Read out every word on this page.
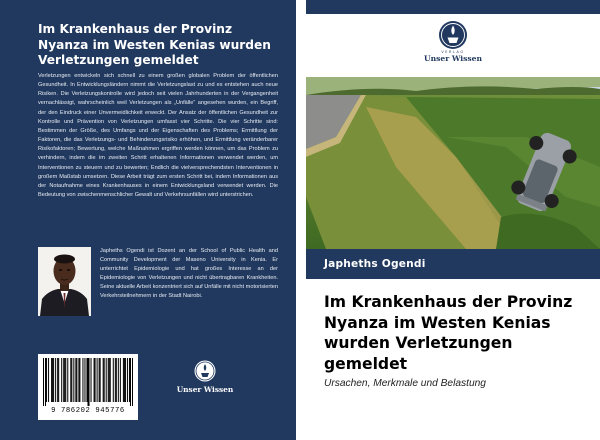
Im Krankenhaus der Provinz Nyanza im Westen Kenias wurden Verletzungen gemeldet
Verletzungen entwickeln sich schnell zu einem großen globalen Problem der öffentlichen Gesundheit. In Entwicklungsländern nimmt die Verletzungslast zu und es entstehen auch neue Risiken. Die Verletzungskontrolle wird jedoch seit vielen Jahrhunderten in der Vergangenheit vernachlässigt, wahrscheinlich weil Verletzungen als „Unfälle“ angesehen wurden, ein Begriff, der den Eindruck einer Unvermeidlichkeit erweckt. Der Ansatz der öffentlichen Gesundheit zur Kontrolle und Prävention von Verletzungen umfasst vier Schritte. Die vier Schritte sind: Bestimmen der Größe, des Umfangs und der Eigenschaften des Problems; Ermittlung der Faktoren, die das Verletzungs- und Behinderungsrisiko erhöhen, und Ermittlung veränderbarer Risikofaktoren; Bewertung, welche Maßnahmen ergriffen werden können, um das Problem zu verhindern, indem die im zweiten Schritt erhaltenen Informationen verwendet werden, um Interventionen zu steuern und zu bewerten; Endlich die vielversprechendsten Interventionen in großem Maßstab umsetzen. Diese Arbeit trägt zum ersten Schritt bei, indem Informationen aus der Notaufnahme eines Krankenhauses in einem Entwicklungsland verwendet werden. Die Bedeutung von zwischenmenschlicher Gewalt und Verkehrsunfällen wird unterstrichen.
Japheths Ogendi ist Dozent an der School of Public Health and Community Development der Maseno University in Kenia. Er unterrichtet Epidemiologie und hat großes Interesse an der Epidemiologie von Verletzungen und nicht übertragbaren Krankheiten. Seine aktuelle Arbeit konzentriert sich auf Unfälle mit nicht motorisierten Verkehrsteilnehmern in der Stadt Nairobi.
9 786202 945776
Unser Wissen
VERLAG
Unser Wissen
Japheths Ogendi
Im Krankenhaus der Provinz Nyanza im Westen Kenias wurden Verletzungen gemeldet
Ursachen, Merkmale und Belastung
